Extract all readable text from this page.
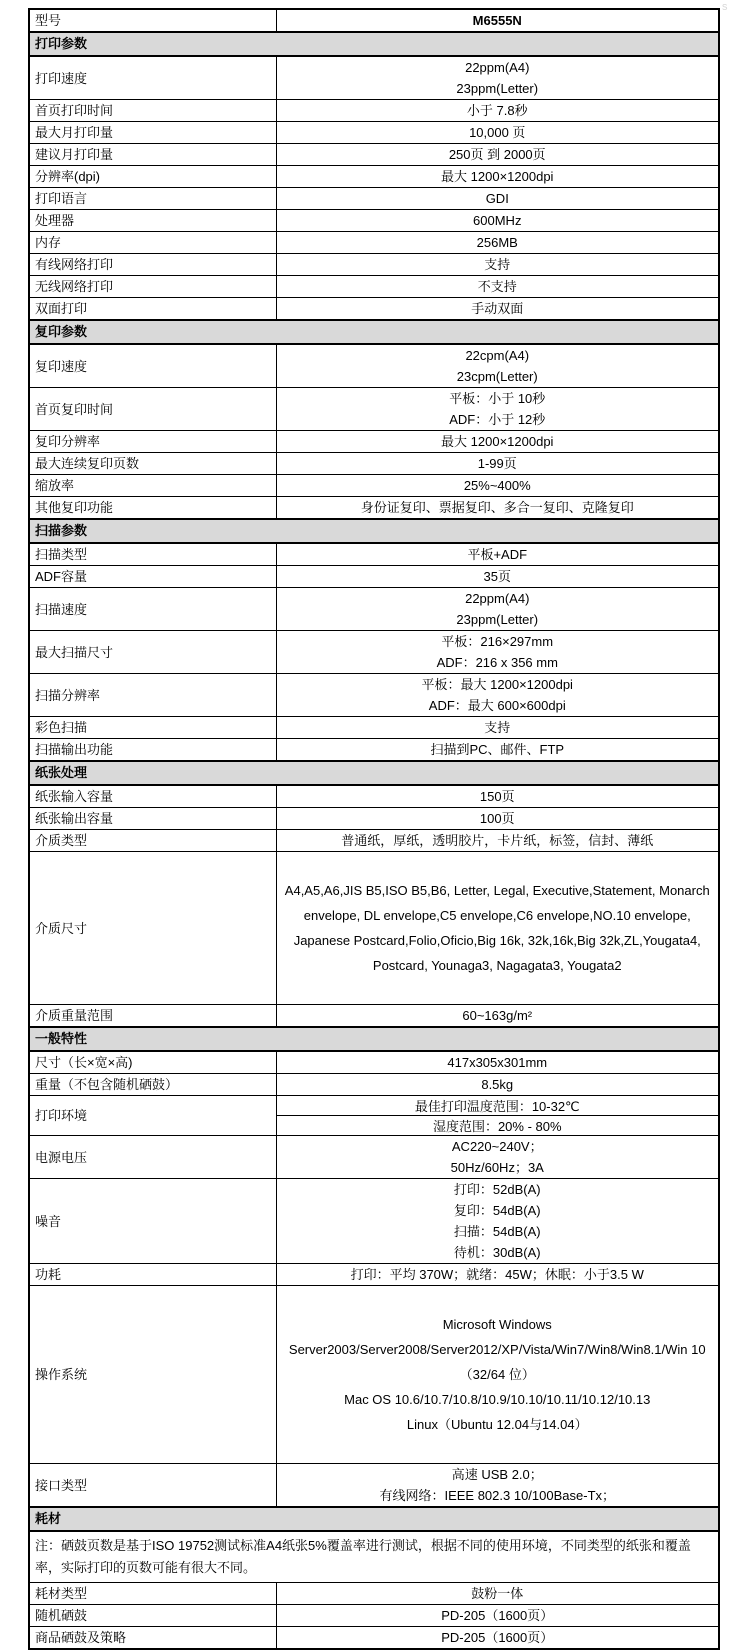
s
型号	M6555N
打印参数	
打印速度	22ppm(A4)
23ppm(Letter)

首页打印时间	小于 7.8秒

最大月打印量	10,000 页

建议月打印量	250页 到 2000页

分辨率(dpi)	最大 1200×1200dpi

打印语言	GDI

处理器	600MHz

内存	256MB

有线网络打印	支持

无线网络打印	不支持

双面打印	手动双面

复印参数	
复印速度	22cpm(A4)
23cpm(Letter)

首页复印时间	平板：小于 10秒
ADF：小于 12秒

复印分辨率	最大 1200×1200dpi

最大连续复印页数	1-99页

缩放率	25%~400%

其他复印功能	身份证复印、票据复印、多合一复印、克隆复印

扫描参数	
扫描类型	平板+ADF

ADF容量	35页

扫描速度	22ppm(A4)
23ppm(Letter)

最大扫描尺寸	平板：216×297mm
ADF：216 x 356 mm

扫描分辨率	平板：最大 1200×1200dpi
ADF：最大 600×600dpi

彩色扫描	支持

扫描输出功能	扫描到PC、邮件、FTP

纸张处理	
纸张输入容量	150页

纸张输出容量	100页

介质类型	普通纸，厚纸，透明胶片，卡片纸，标签，信封、薄纸

介质尺寸	A4,A5,A6,JIS B5,ISO B5,B6, Letter, Legal, Executive,Statement, Monarch envelope, DL envelope,C5 envelope,C6 envelope,NO.10 envelope, Japanese Postcard,Folio,Oficio,Big 16k, 32k,16k,Big 32k,ZL,Yougata4, Postcard, Younaga3, Nagagata3, Yougata2

介质重量范围	60~163g/m²

一般特性	
尺寸（长×宽×高)	417x305x301mm

重量（不包含随机硒鼓）	8.5kg

打印环境	最佳打印温度范围：10-32℃
	湿度范围：20% - 80%
电源电压	AC220~240V；
50Hz/60Hz；3A

噪音	打印：52dB(A)
复印：54dB(A)
扫描：54dB(A)
待机：30dB(A)

功耗	打印：平均 370W；就绪：45W；休眠：小于3.5 W

操作系统	Microsoft Windows Server2003/Server2008/Server2012/XP/Vista/Win7/Win8/Win8.1/Win 10（32/64 位）
Mac OS 10.6/10.7/10.8/10.9/10.10/10.11/10.12/10.13
Linux（Ubuntu 12.04与14.04）

接口类型	高速 USB 2.0；
有线网络：IEEE 802.3 10/100Base-Tx；

耗材	
注：硒鼓页数是基于ISO 19752测试标准A4纸张5%覆盖率进行测试，根据不同的使用环境，不同类型的纸张和覆盖率，实际打印的页数可能有很大不同。	
耗材类型	鼓粉一体

随机硒鼓	PD-205（1600页）

商品硒鼓及策略	PD-205（1600页）
